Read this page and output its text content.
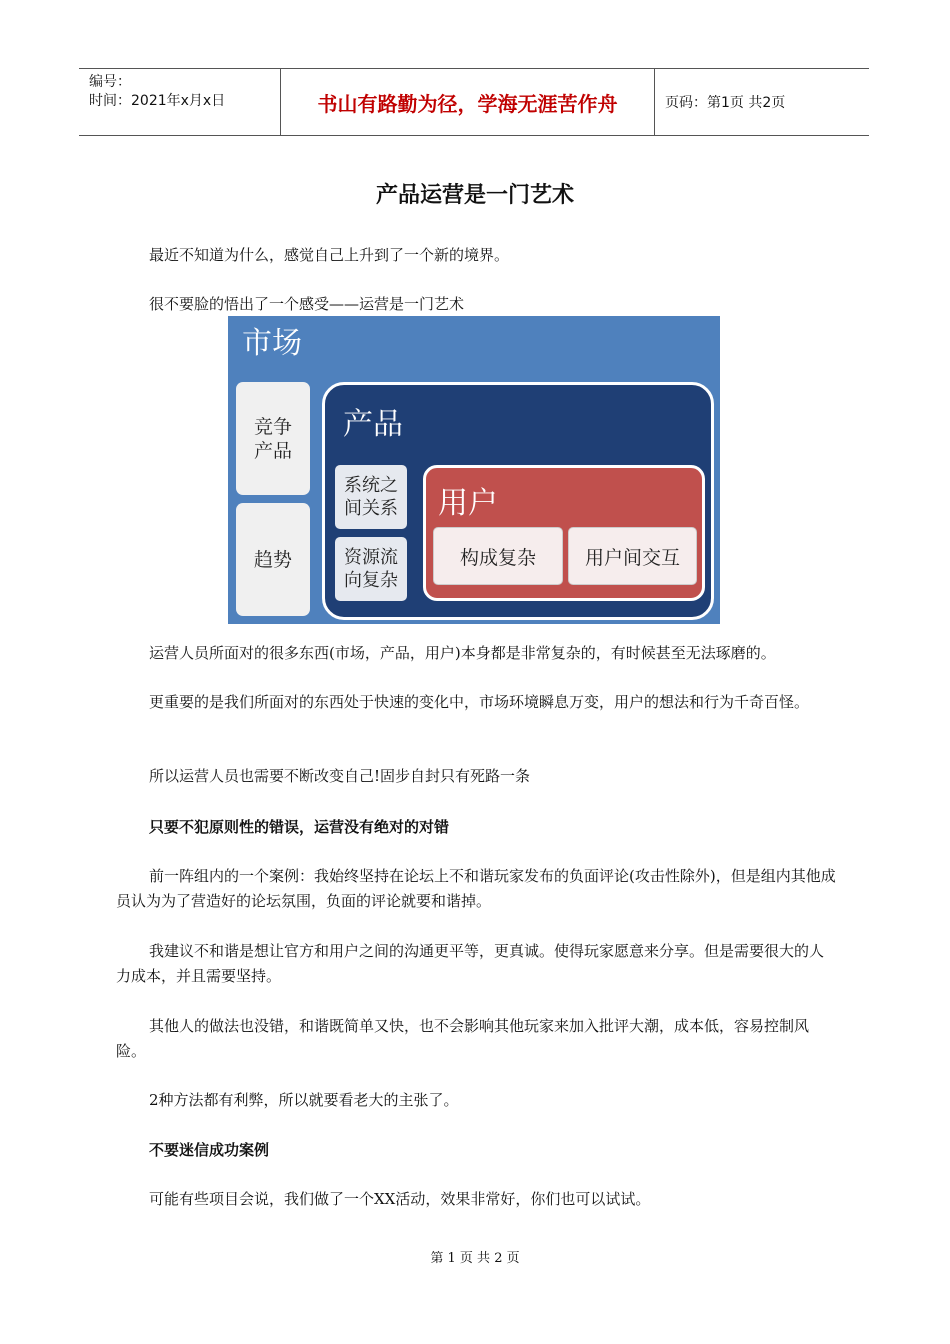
编号：
时间：2021年x月x日	书山有路勤为径，学海无涯苦作舟	页码：第1页 共2页
产品运营是一门艺术

最近不知道为什么，感觉自己上升到了一个新的境界。

很不要脸的悟出了一个感受——运营是一门艺术

市场
竞争
产品
趋势
产品
系统之
间关系
资源流
向复杂
用户
构成复杂	用户间交互

运营人员所面对的很多东西(市场，产品，用户)本身都是非常复杂的，有时候甚至无法琢磨的。

更重要的是我们所面对的东西处于快速的变化中，市场环境瞬息万变，用户的想法和行为千奇百怪。

所以运营人员也需要不断改变自己!固步自封只有死路一条

只要不犯原则性的错误，运营没有绝对的对错

前一阵组内的一个案例：我始终坚持在论坛上不和谐玩家发布的负面评论(攻击性除外)，但是组内其他成员认为为了营造好的论坛氛围，负面的评论就要和谐掉。

我建议不和谐是想让官方和用户之间的沟通更平等，更真诚。使得玩家愿意来分享。但是需要很大的人力成本，并且需要坚持。

其他人的做法也没错，和谐既简单又快，也不会影响其他玩家来加入批评大潮，成本低，容易控制风险。

2种方法都有利弊，所以就要看老大的主张了。

不要迷信成功案例

可能有些项目会说，我们做了一个XX活动，效果非常好，你们也可以试试。

第 1 页 共 2 页
